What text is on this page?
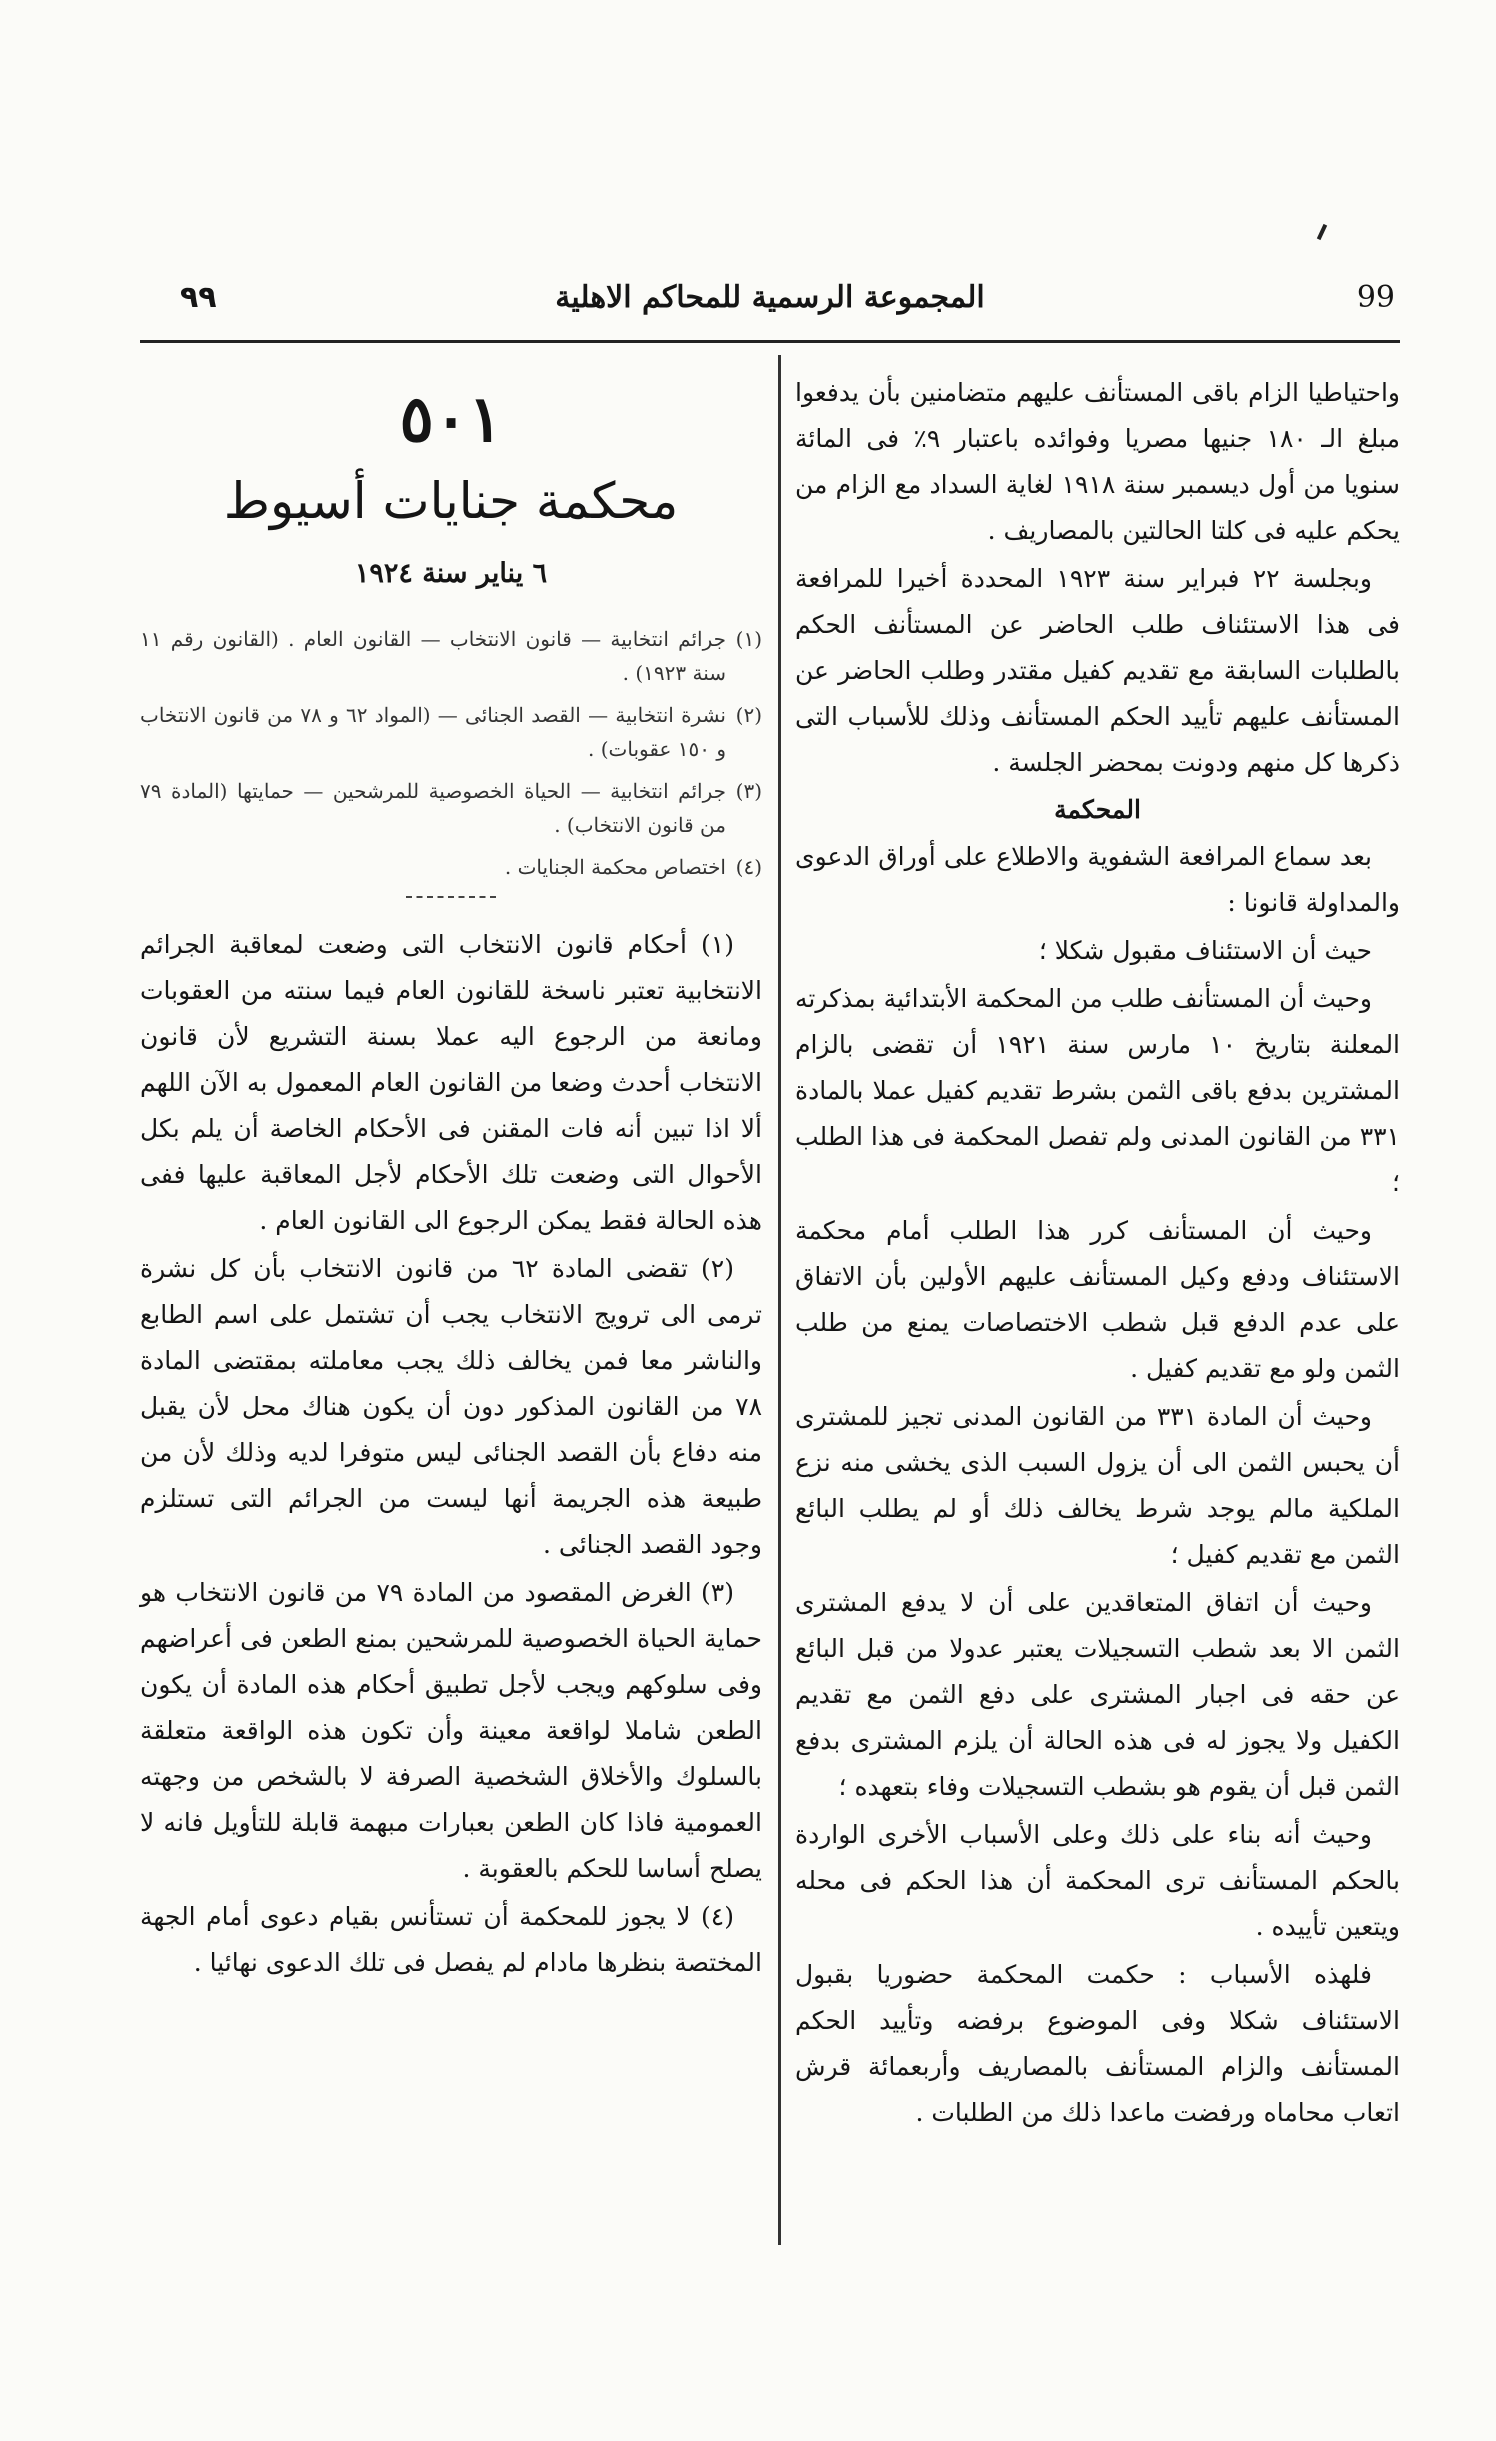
٩٩	المجموعة الرسمية للمحاكم الاهلية	99

واحتياطيا الزام باقى المستأنف عليهم متضامنين بأن يدفعوا مبلغ الـ ١٨٠ جنيها مصريا وفوائده باعتبار ٩٪ فى المائة سنويا من أول ديسمبر سنة ١٩١٨ لغاية السداد مع الزام من يحكم عليه فى كلتا الحالتين بالمصاريف .

وبجلسة ٢٢ فبراير سنة ١٩٢٣ المحددة أخيرا للمرافعة فى هذا الاستئناف طلب الحاضر عن المستأنف الحكم بالطلبات السابقة مع تقديم كفيل مقتدر وطلب الحاضر عن المستأنف عليهم تأييد الحكم المستأنف وذلك للأسباب التى ذكرها كل منهم ودونت بمحضر الجلسة .

المحكمة

بعد سماع المرافعة الشفوية والاطلاع على أوراق الدعوى والمداولة قانونا :

حيث أن الاستئناف مقبول شكلا ؛

وحيث أن المستأنف طلب من المحكمة الأبتدائية بمذكرته المعلنة بتاريخ ١٠ مارس سنة ١٩٢١ أن تقضى بالزام المشترين بدفع باقى الثمن بشرط تقديم كفيل عملا بالمادة ٣٣١ من القانون المدنى ولم تفصل المحكمة فى هذا الطلب ؛

وحيث أن المستأنف كرر هذا الطلب أمام محكمة الاستئناف ودفع وكيل المستأنف عليهم الأولين بأن الاتفاق على عدم الدفع قبل شطب الاختصاصات يمنع من طلب الثمن ولو مع تقديم كفيل .

وحيث أن المادة ٣٣١ من القانون المدنى تجيز للمشترى أن يحبس الثمن الى أن يزول السبب الذى يخشى منه نزع الملكية مالم يوجد شرط يخالف ذلك أو لم يطلب البائع الثمن مع تقديم كفيل ؛

وحيث أن اتفاق المتعاقدين على أن لا يدفع المشترى الثمن الا بعد شطب التسجيلات يعتبر عدولا من قبل البائع عن حقه فى اجبار المشترى على دفع الثمن مع تقديم الكفيل ولا يجوز له فى هذه الحالة أن يلزم المشترى بدفع الثمن قبل أن يقوم هو بشطب التسجيلات وفاء بتعهده ؛

وحيث أنه بناء على ذلك وعلى الأسباب الأخرى الواردة بالحكم المستأنف ترى المحكمة أن هذا الحكم فى محله ويتعين تأييده .

فلهذه الأسباب : حكمت المحكمة حضوريا بقبول الاستئناف شكلا وفى الموضوع برفضه وتأييد الحكم المستأنف والزام المستأنف بالمصاريف وأربعمائة قرش اتعاب محاماه ورفضت ماعدا ذلك من الطلبات .

٥٠١
محكمة جنايات أسيوط
٦ يناير سنة ١٩٢٤
(١)
جرائم انتخابية — قانون الانتخاب — القانون العام . (القانون رقم ١١ سنة ١٩٢٣) .
(٢)
نشرة انتخابية — القصد الجنائى — (المواد ٦٢ و ٧٨ من قانون الانتخاب و ١٥٠ عقوبات) .
(٣)
جرائم انتخابية — الحياة الخصوصية للمرشحين — حمايتها (المادة ٧٩ من قانون الانتخاب) .
(٤)
اختصاص محكمة الجنايات .

(١) أحكام قانون الانتخاب التى وضعت لمعاقبة الجرائم الانتخابية تعتبر ناسخة للقانون العام فيما سنته من العقوبات ومانعة من الرجوع اليه عملا بسنة التشريع لأن قانون الانتخاب أحدث وضعا من القانون العام المعمول به الآن اللهم ألا اذا تبين أنه فات المقنن فى الأحكام الخاصة أن يلم بكل الأحوال التى وضعت تلك الأحكام لأجل المعاقبة عليها ففى هذه الحالة فقط يمكن الرجوع الى القانون العام .

(٢) تقضى المادة ٦٢ من قانون الانتخاب بأن كل نشرة ترمى الى ترويج الانتخاب يجب أن تشتمل على اسم الطابع والناشر معا فمن يخالف ذلك يجب معاملته بمقتضى المادة ٧٨ من القانون المذكور دون أن يكون هناك محل لأن يقبل منه دفاع بأن القصد الجنائى ليس متوفرا لديه وذلك لأن من طبيعة هذه الجريمة أنها ليست من الجرائم التى تستلزم وجود القصد الجنائى .

(٣) الغرض المقصود من المادة ٧٩ من قانون الانتخاب هو حماية الحياة الخصوصية للمرشحين بمنع الطعن فى أعراضهم وفى سلوكهم ويجب لأجل تطبيق أحكام هذه المادة أن يكون الطعن شاملا لواقعة معينة وأن تكون هذه الواقعة متعلقة بالسلوك والأخلاق الشخصية الصرفة لا بالشخص من وجهته العمومية فاذا كان الطعن بعبارات مبهمة قابلة للتأويل فانه لا يصلح أساسا للحكم بالعقوبة .

(٤) لا يجوز للمحكمة أن تستأنس بقيام دعوى أمام الجهة المختصة بنظرها مادام لم يفصل فى تلك الدعوى نهائيا .
